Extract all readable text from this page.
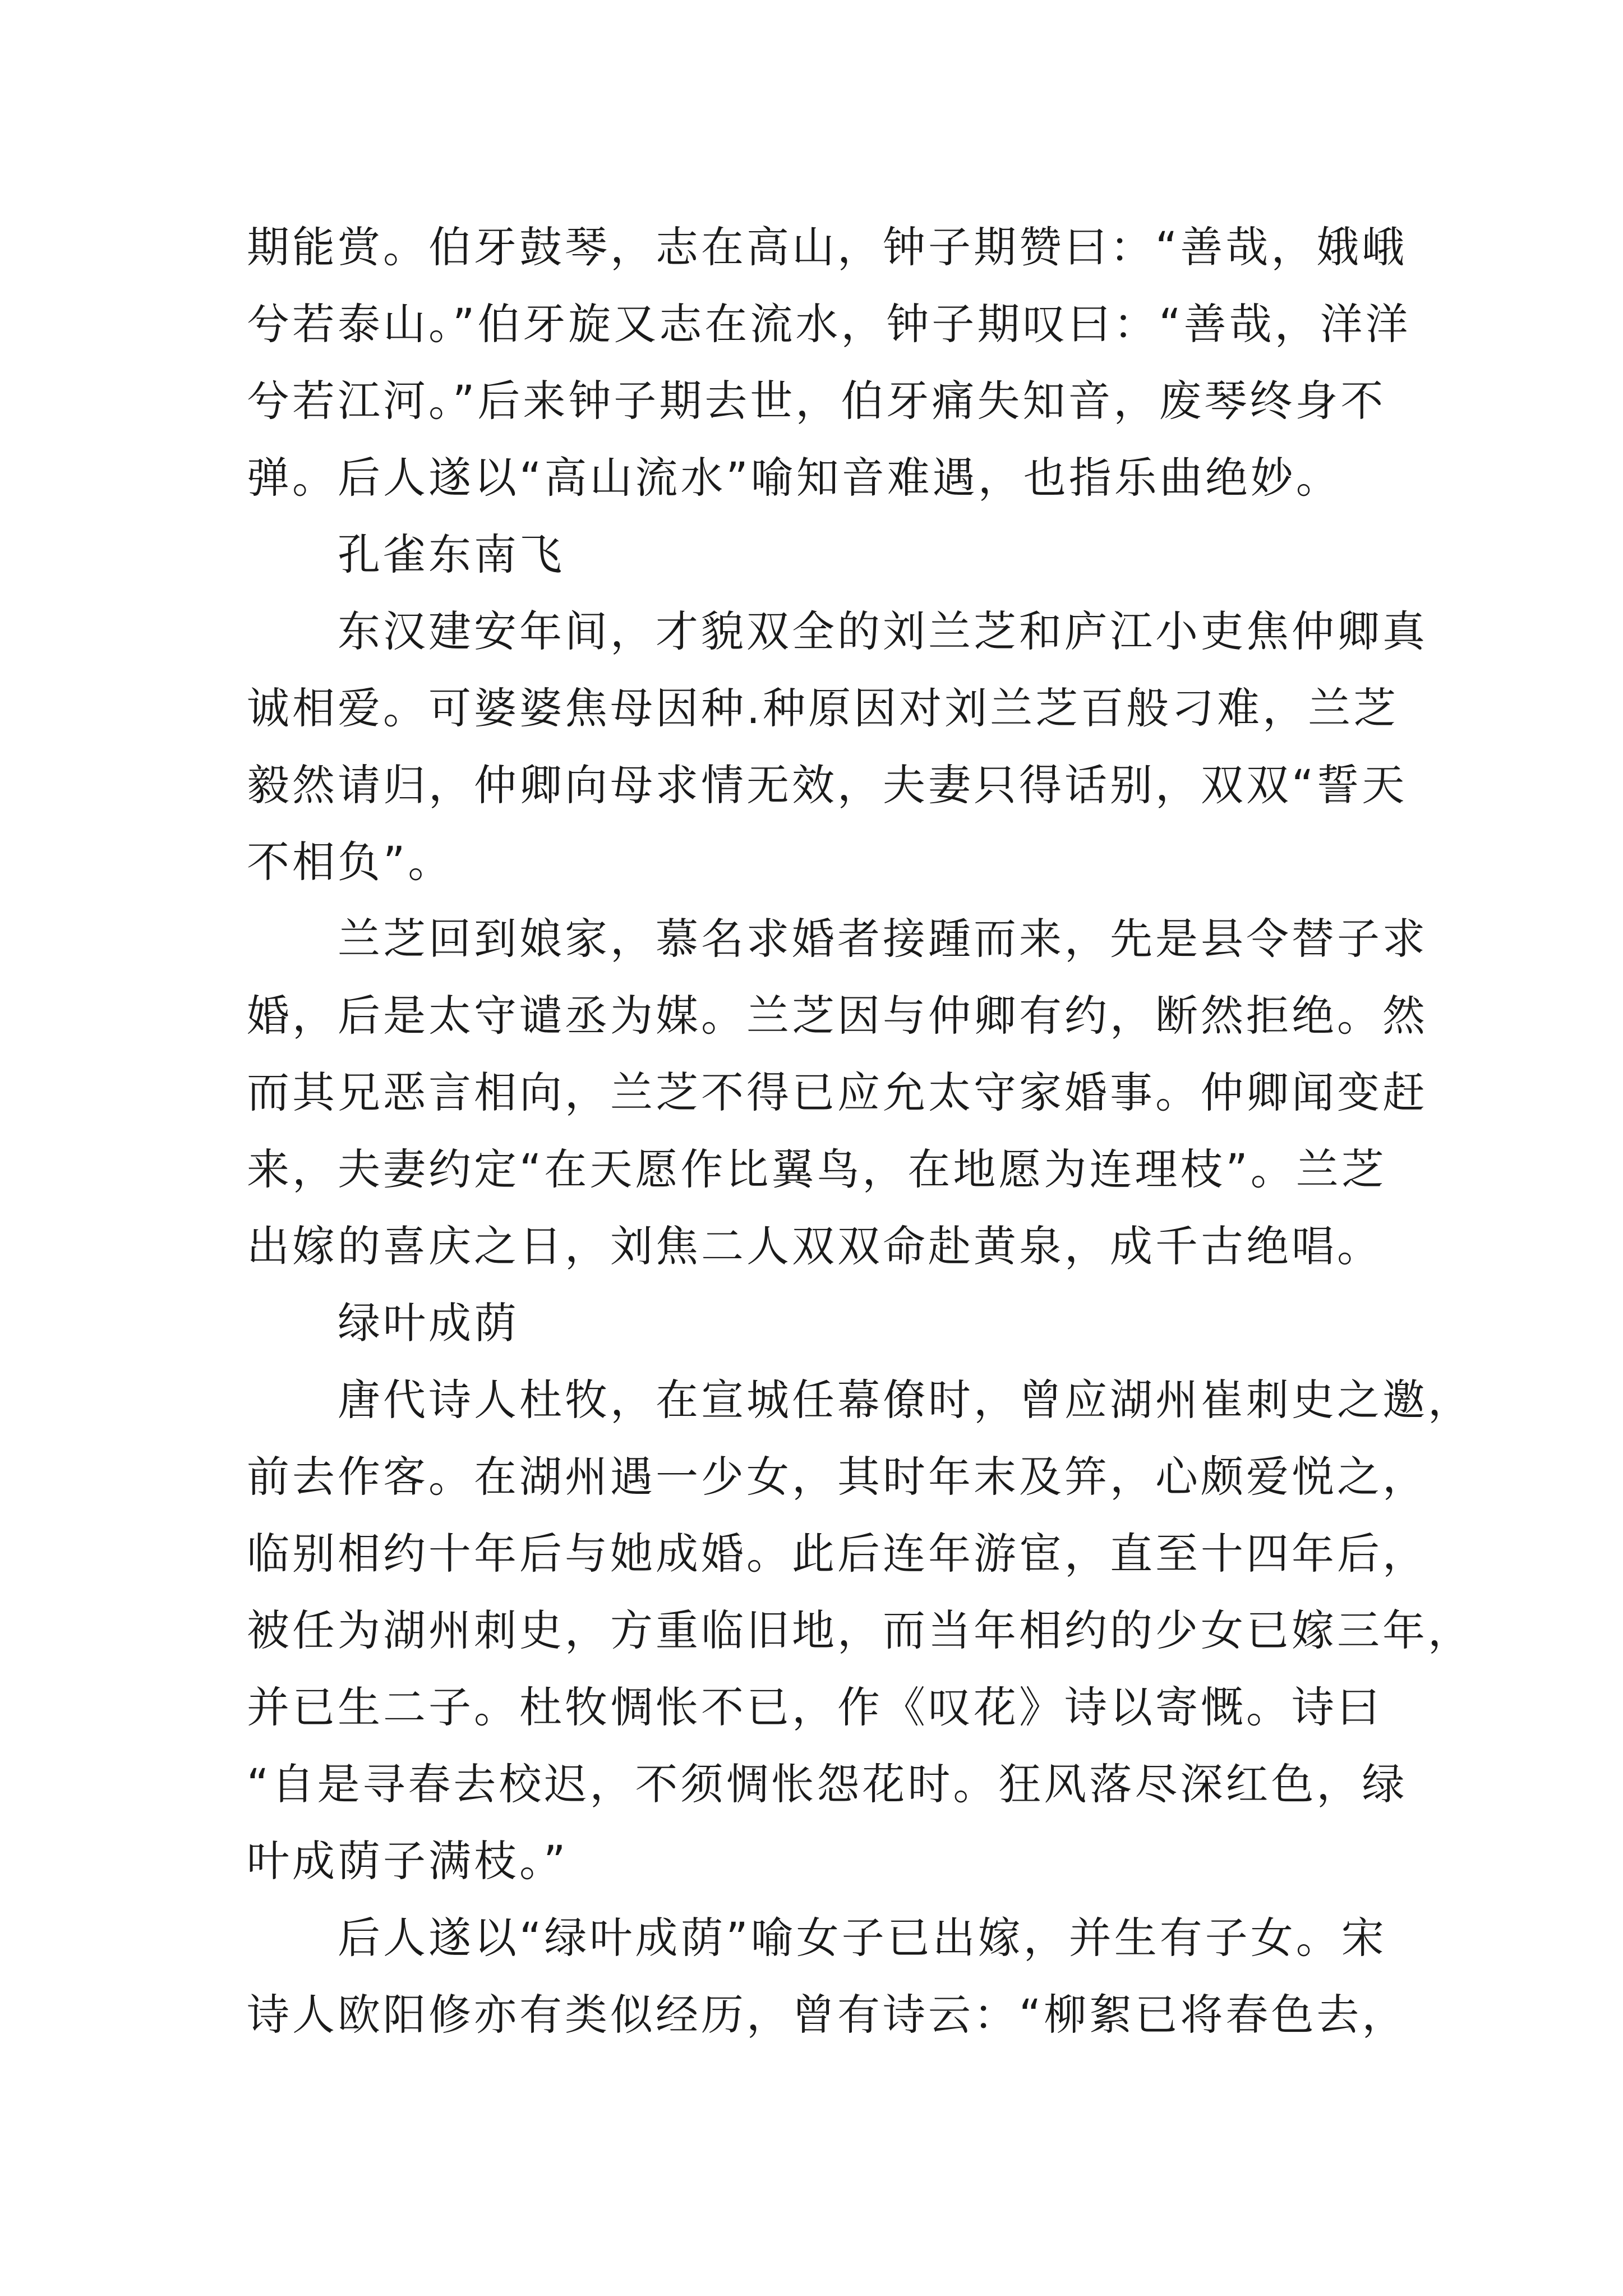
期能赏。伯牙鼓琴，志在高山，钟子期赞曰：“善哉，娥峨
兮若泰山。”伯牙旋又志在流水，钟子期叹曰：“善哉，洋洋
兮若江河。”后来钟子期去世，伯牙痛失知音，废琴终身不
弹。后人遂以“高山流水”喻知音难遇，也指乐曲绝妙。

孔雀东南飞

东汉建安年间，才貌双全的刘兰芝和庐江小吏焦仲卿真
诚相爱。可婆婆焦母因种.种原因对刘兰芝百般刁难，兰芝
毅然请归，仲卿向母求情无效，夫妻只得话别，双双“誓天
不相负”。

兰芝回到娘家，慕名求婚者接踵而来，先是县令替子求
婚，后是太守谴丞为媒。兰芝因与仲卿有约，断然拒绝。然
而其兄恶言相向，兰芝不得已应允太守家婚事。仲卿闻变赶
来，夫妻约定“在天愿作比翼鸟，在地愿为连理枝”。兰芝
出嫁的喜庆之日，刘焦二人双双命赴黄泉，成千古绝唱。

绿叶成荫

唐代诗人杜牧，在宣城任幕僚时，曾应湖州崔刺史之邀，
前去作客。在湖州遇一少女，其时年末及笄，心颇爱悦之，
临别相约十年后与她成婚。此后连年游宦，直至十四年后，
被任为湖州刺史，方重临旧地，而当年相约的少女已嫁三年，
并已生二子。杜牧惆怅不已，作《叹花》诗以寄慨。诗曰
“自是寻春去校迟，不须惆怅怨花时。狂风落尽深红色，绿
叶成荫子满枝。”

后人遂以“绿叶成荫”喻女子已出嫁，并生有子女。宋
诗人欧阳修亦有类似经历，曾有诗云：“柳絮已将春色去，
